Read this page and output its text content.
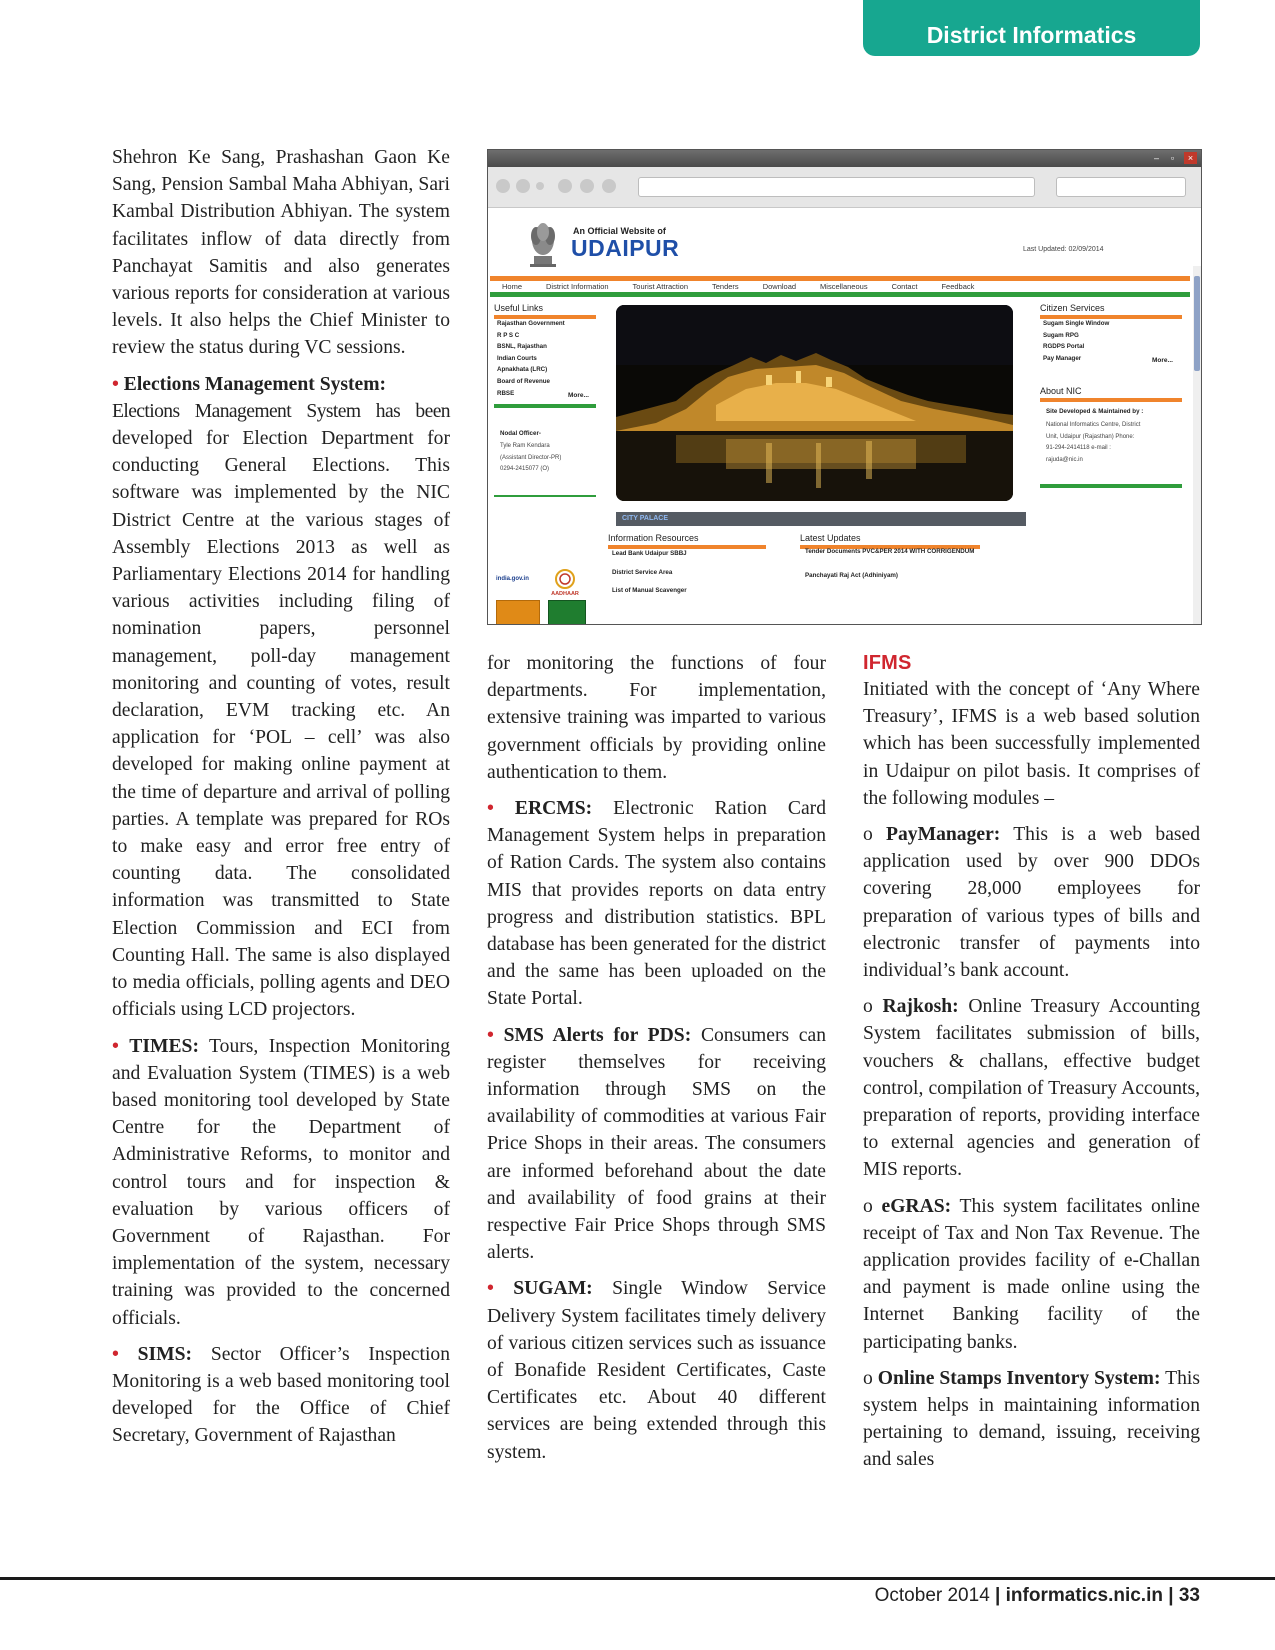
District Informatics

Shehron Ke Sang, Prashashan Gaon Ke Sang, Pension Sambal Maha Abhiyan, Sari Kambal Distribution Abhiyan. The system facilitates inflow of data directly from Panchayat Samitis and also generates various reports for consideration at various levels. It also helps the Chief Minister to review the status during VC sessions.

• Elections Management System:
Elections Management System has been developed for Election Department for conducting General Elections. This software was implemented by the NIC District Centre at the various stages of Assembly Elections 2013 as well as Parliamentary Elections 2014 for handling various activities including filing of nomination papers, personnel management, poll-day management monitoring and counting of votes, result declaration, EVM tracking etc. An application for ‘POL – cell’ was also developed for making online payment at the time of departure and arrival of polling parties. A template was prepared for ROs to make easy and error free entry of counting data. The consolidated information was transmitted to State Election Commission and ECI from Counting Hall. The same is also displayed to media officials, polling agents and DEO officials using LCD projectors.

• TIMES: Tours, Inspection Monitoring and Evaluation System (TIMES) is a web based monitoring tool developed by State Centre for the Department of Administrative Reforms, to monitor and control tours and for inspection & evaluation by various officers of Government of Rajasthan. For implementation of the system, necessary training was provided to the concerned officials.

• SIMS: Sector Officer’s Inspection Monitoring is a web based monitoring tool developed for the Office of Chief Secretary, Government of Rajasthan

–	▫	×
An Official Website of
UDAIPUR	Last Updated: 02/09/2014
Home	District Information	Tourist Attraction	Tenders	Download	Miscellaneous	Contact	Feedback
Useful Links
Rajasthan Government
R P S C
BSNL, Rajasthan
Indian Courts
Apnakhata (LRC)
Board of Revenue
RBSE	More...
Nodal Officer-
Tyle Ram Kendara
(Assistant Director-PR)
0294-2415077 (O)
CITY PALACE
Citizen Services
Sugam Single Window
Sugam RPG
RGDPS Portal
Pay Manager	More...
About NIC
Site Developed & Maintained by :
National Informatics Centre, District
Unit, Udaipur (Rajasthan) Phone:
91-294-2414118 e-mail :
rajuda@nic.in
india.gov.in
AADHAAR
Information Resources
Lead Bank Udaipur SBBJ
District Service Area
List of Manual Scavenger
Latest Updates
Tender Documents PVC&PER 2014 WITH CORRIGENDUM
Panchayati Raj Act (Adhiniyam)

for monitoring the functions of four departments. For implementation, extensive training was imparted to various government officials by providing online authentication to them.

• ERCMS: Electronic Ration Card Management System helps in preparation of Ration Cards. The system also contains MIS that provides reports on data entry progress and distribution statistics. BPL database has been generated for the district and the same has been uploaded on the State Portal.

• SMS Alerts for PDS: Consumers can register themselves for receiving information through SMS on the availability of commodities at various Fair Price Shops in their areas. The consumers are informed beforehand about the date and availability of food grains at their respective Fair Price Shops through SMS alerts.

• SUGAM: Single Window Service Delivery System facilitates timely delivery of various citizen services such as issuance of Bonafide Resident Certificates, Caste Certificates etc. About 40 different services are being extended through this system.

IFMS

Initiated with the concept of ‘Any Where Treasury’, IFMS is a web based solution which has been successfully implemented in Udaipur on pilot basis. It comprises of the following modules –

o PayManager: This is a web based application used by over 900 DDOs covering 28,000 employees for preparation of various types of bills and electronic transfer of payments into individual’s bank account.

o Rajkosh: Online Treasury Accounting System facilitates submission of bills, vouchers & challans, effective budget control, compilation of Treasury Accounts, preparation of reports, providing interface to external agencies and generation of MIS reports.

o eGRAS: This system facilitates online receipt of Tax and Non Tax Revenue. The application provides facility of e-Challan and payment is made online using the Internet Banking facility of the participating banks.

o Online Stamps Inventory System: This system helps in maintaining information pertaining to demand, issuing, receiving and sales

October 2014 | informatics.nic.in | 33
